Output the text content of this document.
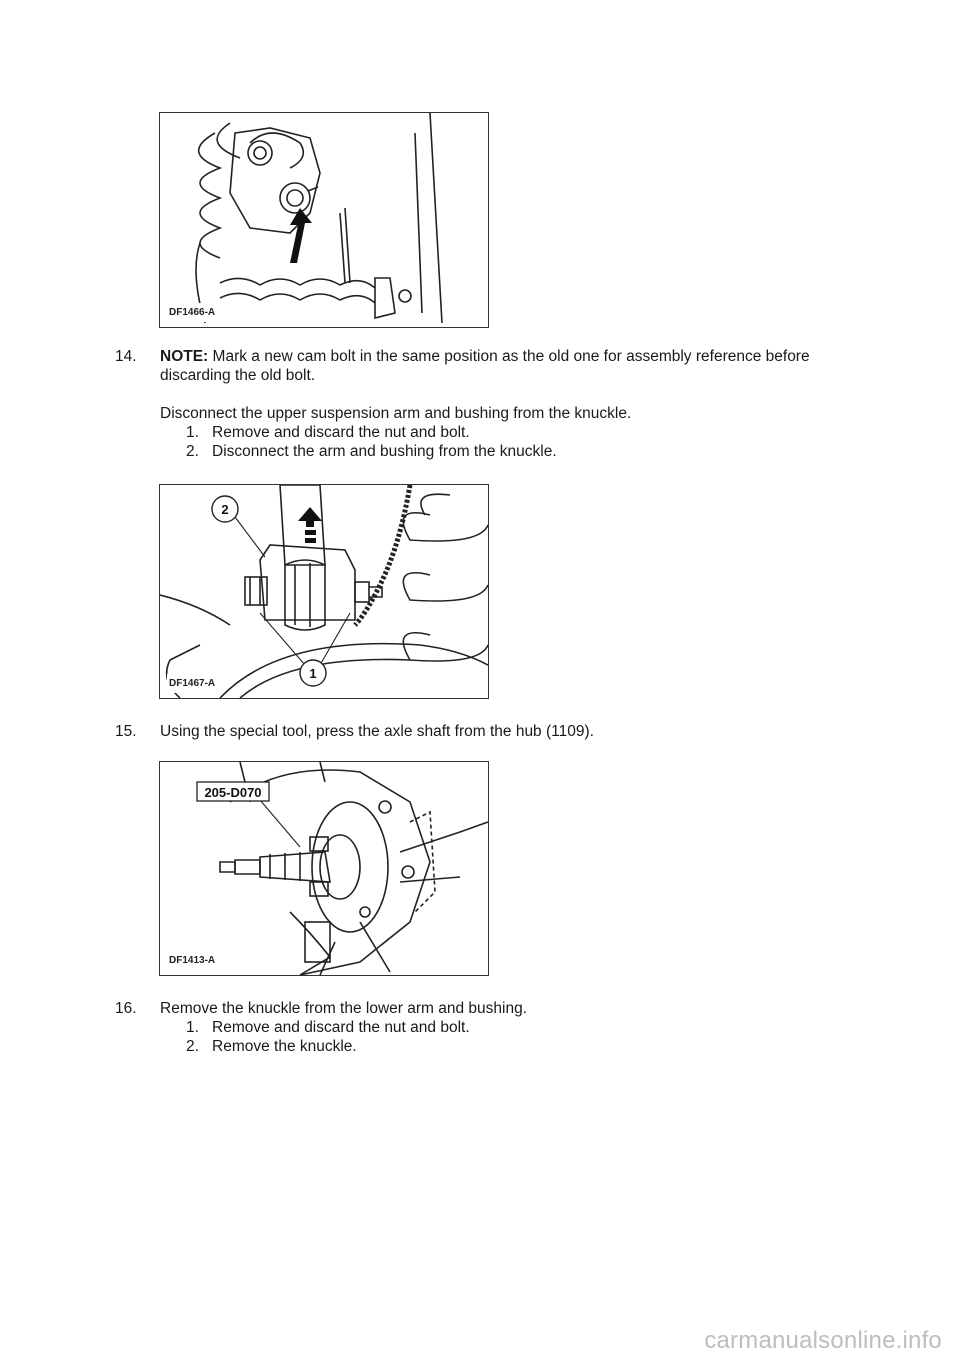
DF1466-A
14. NOTE: Mark a new cam bolt in the same position as the old one for assembly reference before discarding the old bolt.

Disconnect the upper suspension arm and bushing from the knuckle.

1. Remove and discard the nut and bolt.
2. Disconnect the arm and bushing from the knuckle.
2
1
DF1467-A
15. Using the special tool, press the axle shaft from the hub (1109).

205-D070
DF1413-A
16. Remove the knuckle from the lower arm and bushing.

1. Remove and discard the nut and bolt.
2. Remove the knuckle.
carmanualsonline.info
